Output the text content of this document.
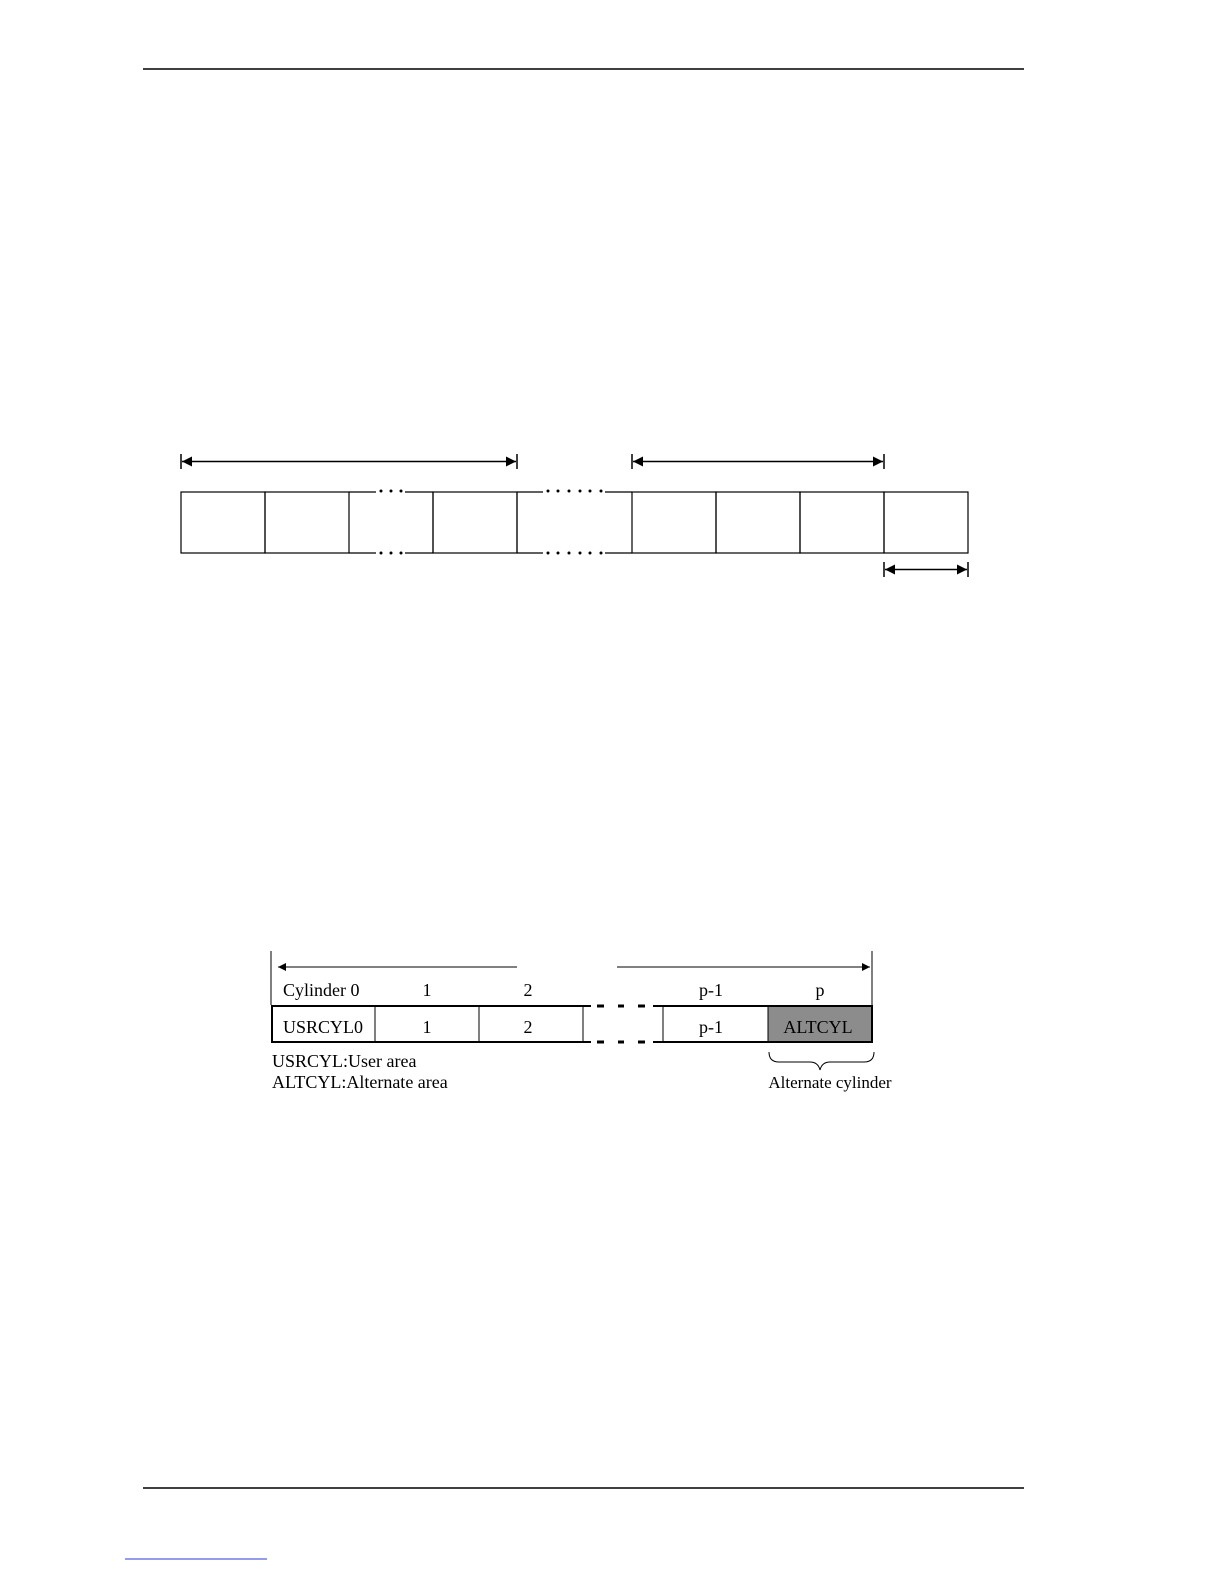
Cylinder 0	1	2	p-1	p
USRCYL0	1	2	p-1	ALTCYL
USRCYL:User area
ALTCYL:Alternate area	Alternate cylinder
